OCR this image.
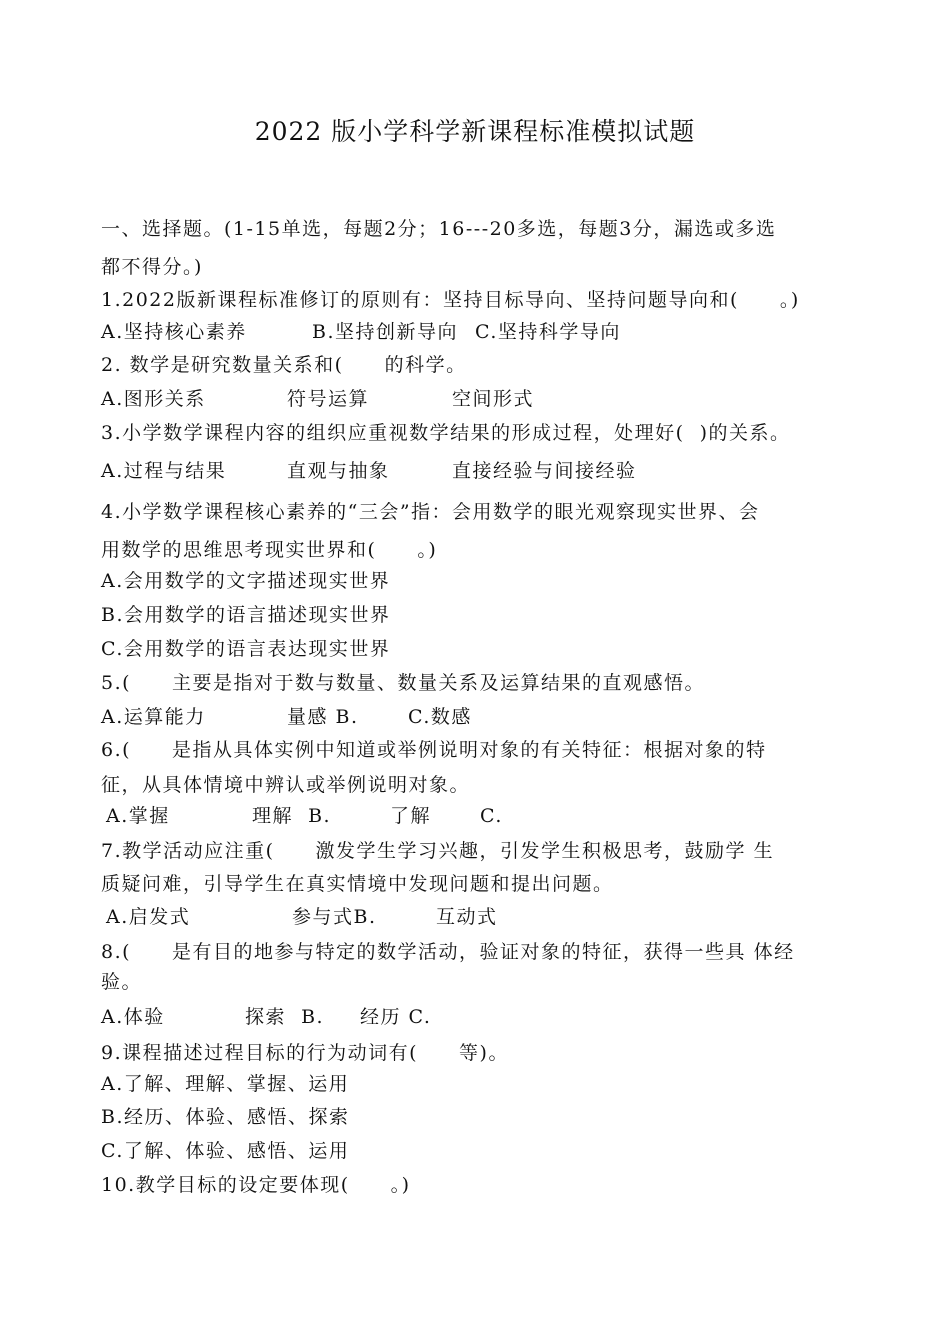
2022 版小学科学新课程标准模拟试题
一、选择题。(1-15单选，每题2分；16---20多选，每题3分，漏选或多选
都不得分。)
1.2022版新课程标准修订的原则有：坚持目标导向、坚持问题导向和(　　。)
A.坚持核心素养	B.坚持创新导向 C.坚持科学导向
2. 数学是研究数量关系和(　　的科学。
A.图形关系	符号运算	空间形式
3.小学数学课程内容的组织应重视数学结果的形成过程，处理好(  )的关系。
A.过程与结果	直观与抽象	直接经验与间接经验
4.小学数学课程核心素养的“三会”指：会用数学的眼光观察现实世界、会
用数学的思维思考现实世界和(　　。)
A.会用数学的文字描述现实世界
B.会用数学的语言描述现实世界
C.会用数学的语言表达现实世界
5.(　　主要是指对于数与数量、数量关系及运算结果的直观感悟。
A.运算能力	量感 B.	C.数感
6.(　　是指从具体实例中知道或举例说明对象的有关特征：根据对象的特
征，从具体情境中辨认或举例说明对象。
A.掌握	理解  B.	了解	C.
7.教学活动应注重(　　激发学生学习兴趣，引发学生积极思考，鼓励学 生
质疑问难，引导学生在真实情境中发现问题和提出问题。
A.启发式	参与式B.	互动式
8.(　　是有目的地参与特定的数学活动，验证对象的特征，获得一些具 体经
验。
A.体验	探索  B. 经历 C.
9.课程描述过程目标的行为动词有(　　等)。
A.了解、理解、掌握、运用
B.经历、体验、感悟、探索
C.了解、体验、感悟、运用
10.教学目标的设定要体现(　　。)
